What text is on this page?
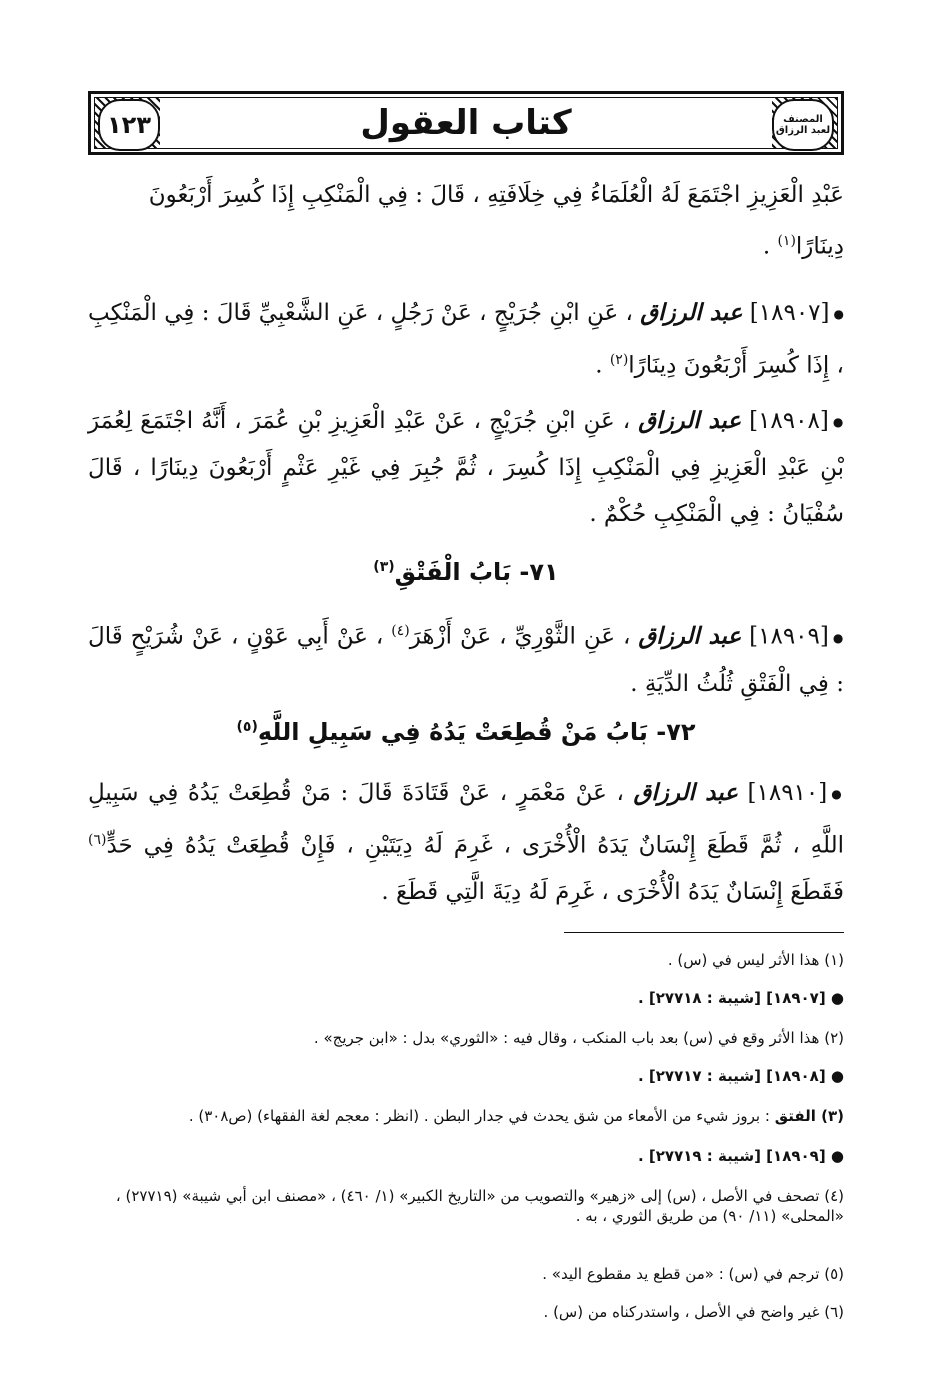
كتاب العقول
١٢٣	المصنف لعبد الرزاق
عَبْدِ الْعَزِيزِ اجْتَمَعَ لَهُ الْعُلَمَاءُ فِي خِلَافَتِهِ ، قَالَ : فِي الْمَنْكِبِ إِذَا كُسِرَ أَرْبَعُونَ
دِينَارًا$^{(١)}$ .
●[١٨٩٠٧] عبد الرزاق ، عَنِ ابْنِ جُرَيْجٍ ، عَنْ رَجُلٍ ، عَنِ الشَّعْبِيِّ قَالَ : فِي الْمَنْكِبِ ، إِذَا كُسِرَ أَرْبَعُونَ دِينَارًا$^{(٢)}$ .
●[١٨٩٠٨] عبد الرزاق ، عَنِ ابْنِ جُرَيْجٍ ، عَنْ عَبْدِ الْعَزِيزِ بْنِ عُمَرَ ، أَنَّهُ اجْتَمَعَ لِعُمَرَ بْنِ عَبْدِ الْعَزِيزِ فِي الْمَنْكِبِ إِذَا كُسِرَ ، ثُمَّ جُبِرَ فِي غَيْرِ عَثْمٍ أَرْبَعُونَ دِينَارًا ، قَالَ سُفْيَانُ : فِي الْمَنْكِبِ حُكْمٌ .
٧١- بَابُ الْفَتْقِ$^{(٣)}$
●[١٨٩٠٩] عبد الرزاق ، عَنِ الثَّوْرِيِّ ، عَنْ أَزْهَرَ$^{(٤)}$ ، عَنْ أَبِي عَوْنٍ ، عَنْ شُرَيْحٍ قَالَ : فِي الْفَتْقِ ثُلُثُ الدِّيَةِ .
٧٢- بَابُ مَنْ قُطِعَتْ يَدُهُ فِي سَبِيلِ اللَّهِ$^{(٥)}$
●[١٨٩١٠] عبد الرزاق ، عَنْ مَعْمَرٍ ، عَنْ قَتَادَةَ قَالَ : مَنْ قُطِعَتْ يَدُهُ فِي سَبِيلِ اللَّهِ ، ثُمَّ قَطَعَ إِنْسَانٌ يَدَهُ الْأُخْرَى ، غَرِمَ لَهُ دِيَتَيْنِ ، فَإِنْ قُطِعَتْ يَدُهُ فِي حَدٍّ$^{(٦)}$ فَقَطَعَ إِنْسَانٌ يَدَهُ الْأُخْرَى ، غَرِمَ لَهُ دِيَةَ الَّتِي قَطَعَ .
(١) هذا الأثر ليس في (س) .
● [١٨٩٠٧] [شيبة : ٢٧٧١٨] .
(٢) هذا الأثر وقع في (س) بعد باب المنكب ، وقال فيه : «الثوري» بدل : «ابن جريج» .
● [١٨٩٠٨] [شيبة : ٢٧٧١٧] .
(٣) الفتق : بروز شيء من الأمعاء من شق يحدث في جدار البطن . (انظر : معجم لغة الفقهاء) (ص٣٠٨) .
● [١٨٩٠٩] [شيبة : ٢٧٧١٩] .
(٤) تصحف في الأصل ، (س) إلى «زهير» والتصويب من «التاريخ الكبير» (١/ ٤٦٠) ، «مصنف ابن أبي شيبة» (٢٧٧١٩) ، «المحلى» (١١/ ٩٠) من طريق الثوري ، به .
(٥) ترجم في (س) : «من قطع يد مقطوع اليد» .
(٦) غير واضح في الأصل ، واستدركناه من (س) .
